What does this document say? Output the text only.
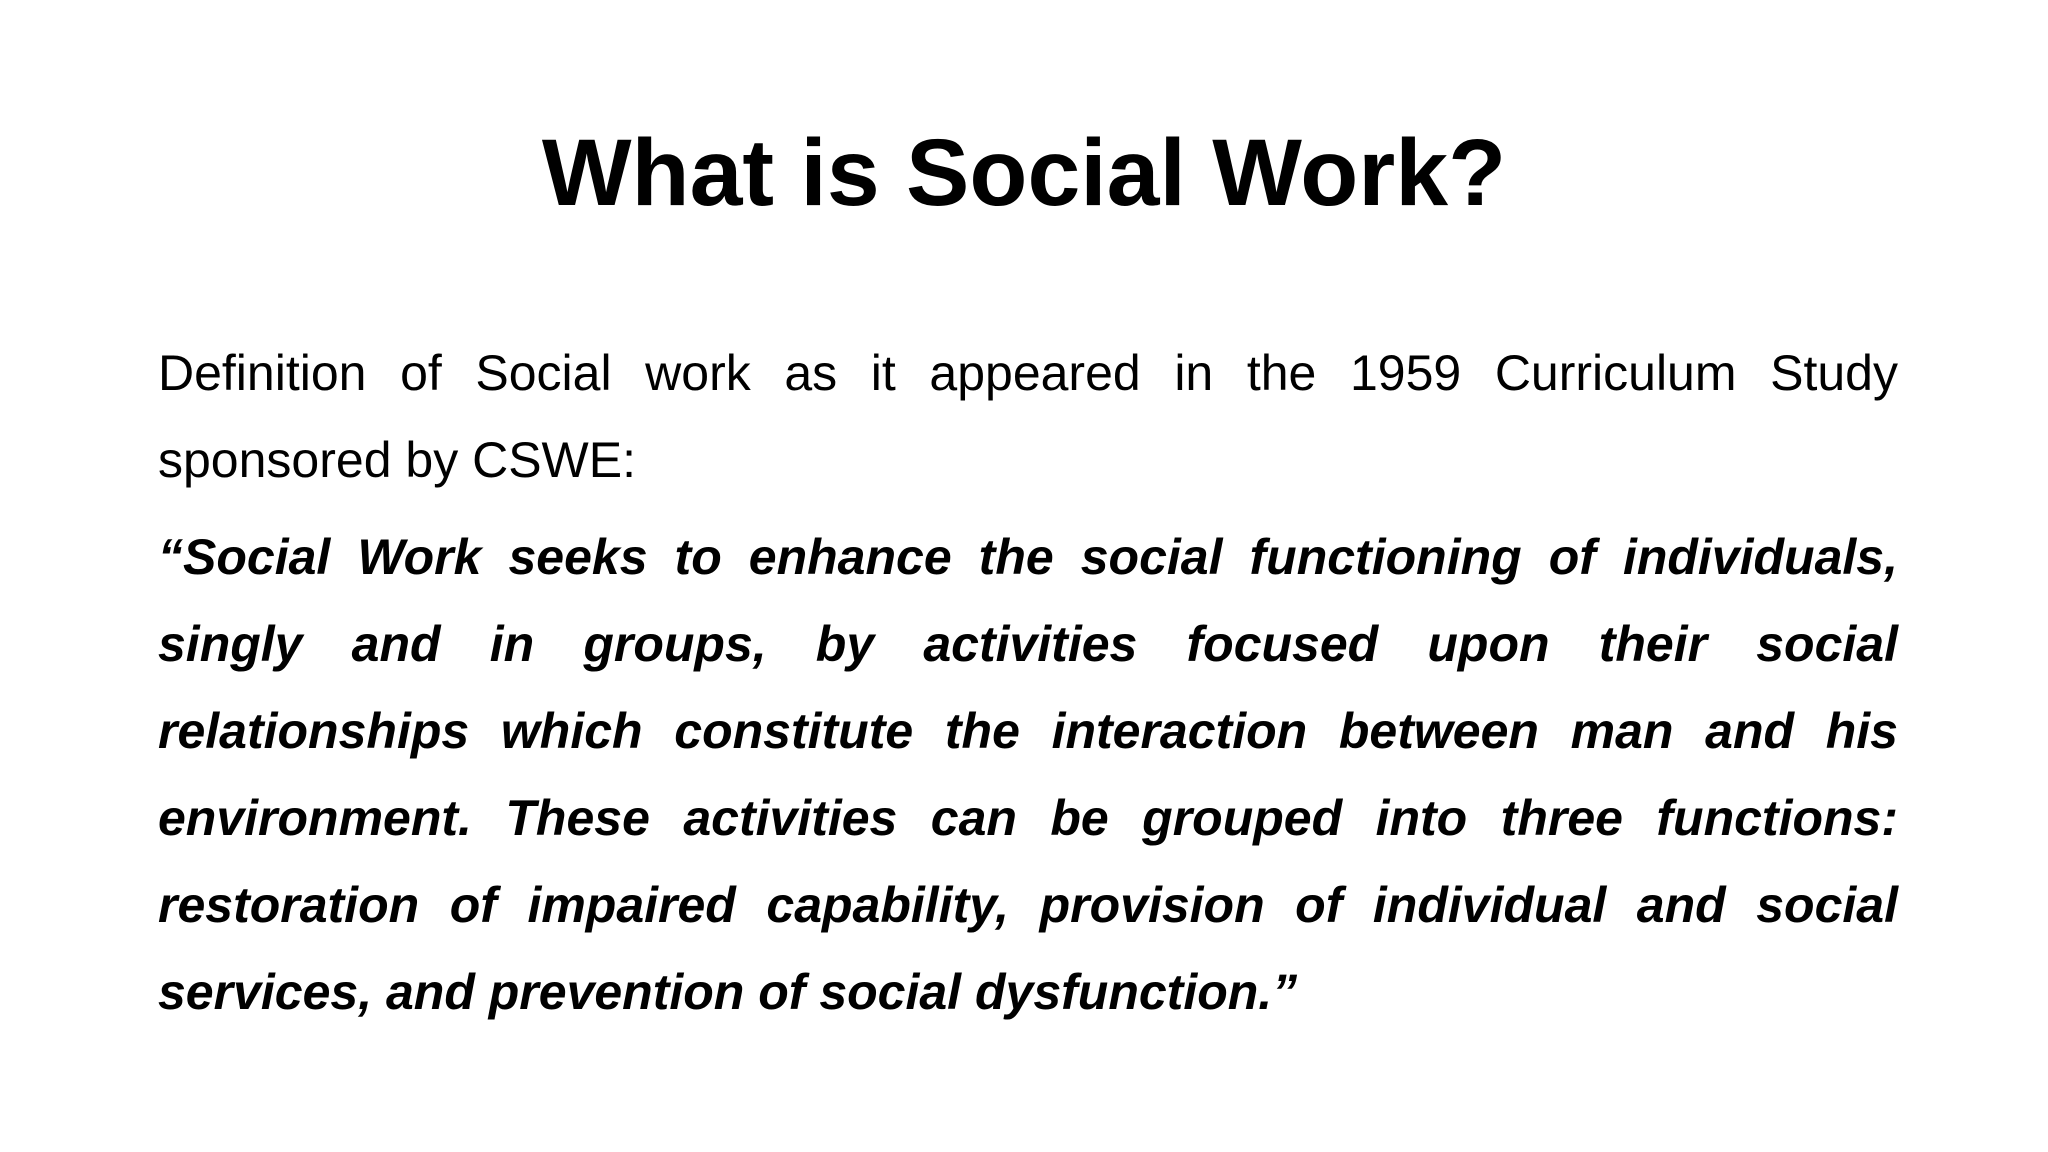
What is Social Work?

Definition of Social work as it appeared in the 1959 Curriculum Study sponsored by CSWE:

“Social Work seeks to enhance the social functioning of individuals, singly and in groups, by activities focused upon their social relationships which constitute the interaction between man and his environment. These activities can be grouped into three functions: restoration of impaired capability, provision of individual and social services, and prevention of social dysfunction.”
